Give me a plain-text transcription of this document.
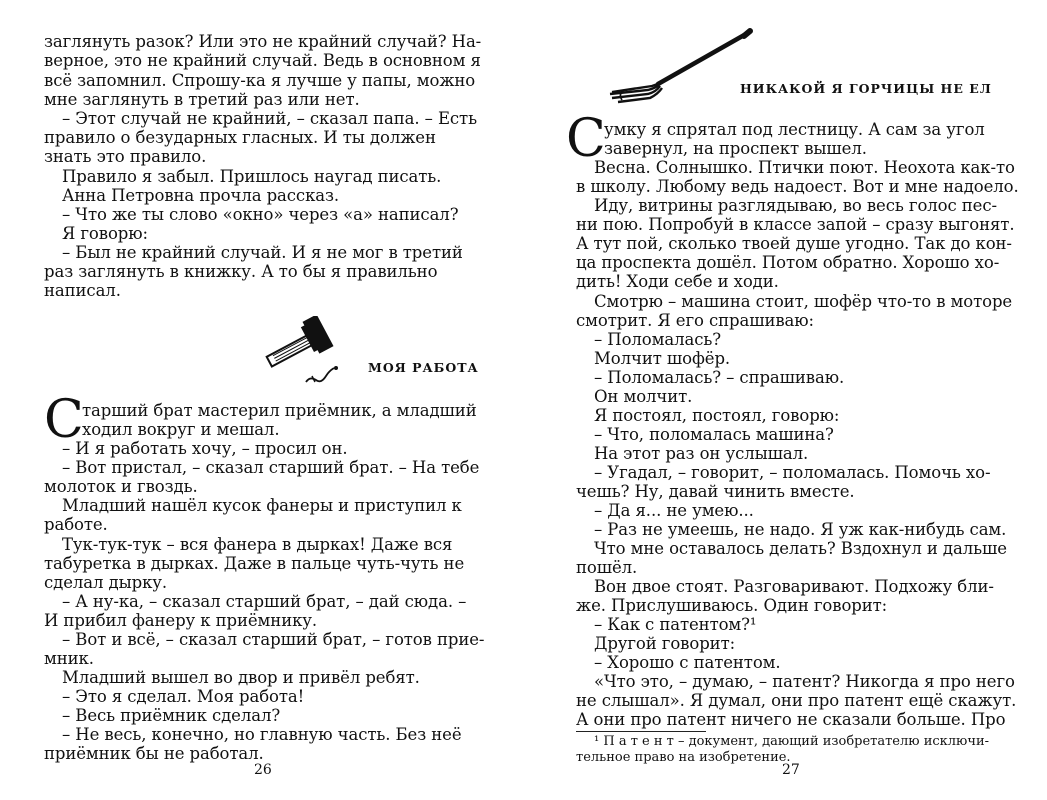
заглянуть разок? Или это не крайний случай? На-
верное, это не крайний случай. Ведь в основном я
всё запомнил. Спрошу-ка я лучше у папы, можно
мне заглянуть в третий раз или нет.
– Этот случай не крайний, – сказал папа. – Есть
правило о безударных гласных. И ты должен
знать это правило.
Правило я забыл. Пришлось наугад писать.
Анна Петровна прочла рассказ.
– Что же ты слово «окно» через «а» написал?
Я говорю:
– Был не крайний случай. И я не мог в третий
раз заглянуть в книжку. А то бы я правильно
написал.
МОЯ РАБОТА
С
тарший брат мастерил приёмник, а младший
ходил вокруг и мешал.
– И я работать хочу, – просил он.
– Вот пристал, – сказал старший брат. – На тебе
молоток и гвоздь.
Младший нашёл кусок фанеры и приступил к
работе.
Тук-тук-тук – вся фанера в дырках! Даже вся
табуретка в дырках. Даже в пальце чуть-чуть не
сделал дырку.
– А ну-ка, – сказал старший брат, – дай сюда. –
И прибил фанеру к приёмнику.
– Вот и всё, – сказал старший брат, – готов прие-
мник.
Младший вышел во двор и привёл ребят.
– Это я сделал. Моя работа!
– Весь приёмник сделал?
– Не весь, конечно, но главную часть. Без неё
приёмник бы не работал.
26
НИКАКОЙ Я ГОРЧИЦЫ НЕ ЕЛ
С
умку я спрятал под лестницу. А сам за угол
завернул, на проспект вышел.
Весна. Солнышко. Птички поют. Неохота как-то
в школу. Любому ведь надоест. Вот и мне надоело.
Иду, витрины разглядываю, во весь голос пес-
ни пою. Попробуй в классе запой – сразу выгонят.
А тут пой, сколько твоей душе угодно. Так до кон-
ца проспекта дошёл. Потом обратно. Хорошо хо-
дить! Ходи себе и ходи.
Смотрю – машина стоит, шофёр что-то в моторе
смотрит. Я его спрашиваю:
– Поломалась?
Молчит шофёр.
– Поломалась? – спрашиваю.
Он молчит.
Я постоял, постоял, говорю:
– Что, поломалась машина?
На этот раз он услышал.
– Угадал, – говорит, – поломалась. Помочь хо-
чешь? Ну, давай чинить вместе.
– Да я... не умею...
– Раз не умеешь, не надо. Я уж как-нибудь сам.
Что мне оставалось делать? Вздохнул и дальше
пошёл.
Вон двое стоят. Разговаривают. Подхожу бли-
же. Прислушиваюсь. Один говорит:
– Как с патентом?¹
Другой говорит:
– Хорошо с патентом.
«Что это, – думаю, – патент? Никогда я про него
не слышал». Я думал, они про патент ещё скажут.
А они про патент ничего не сказали больше. Про
¹ П а т е н т – документ, дающий изобретателю исключи-
тельное право на изобретение.
27
